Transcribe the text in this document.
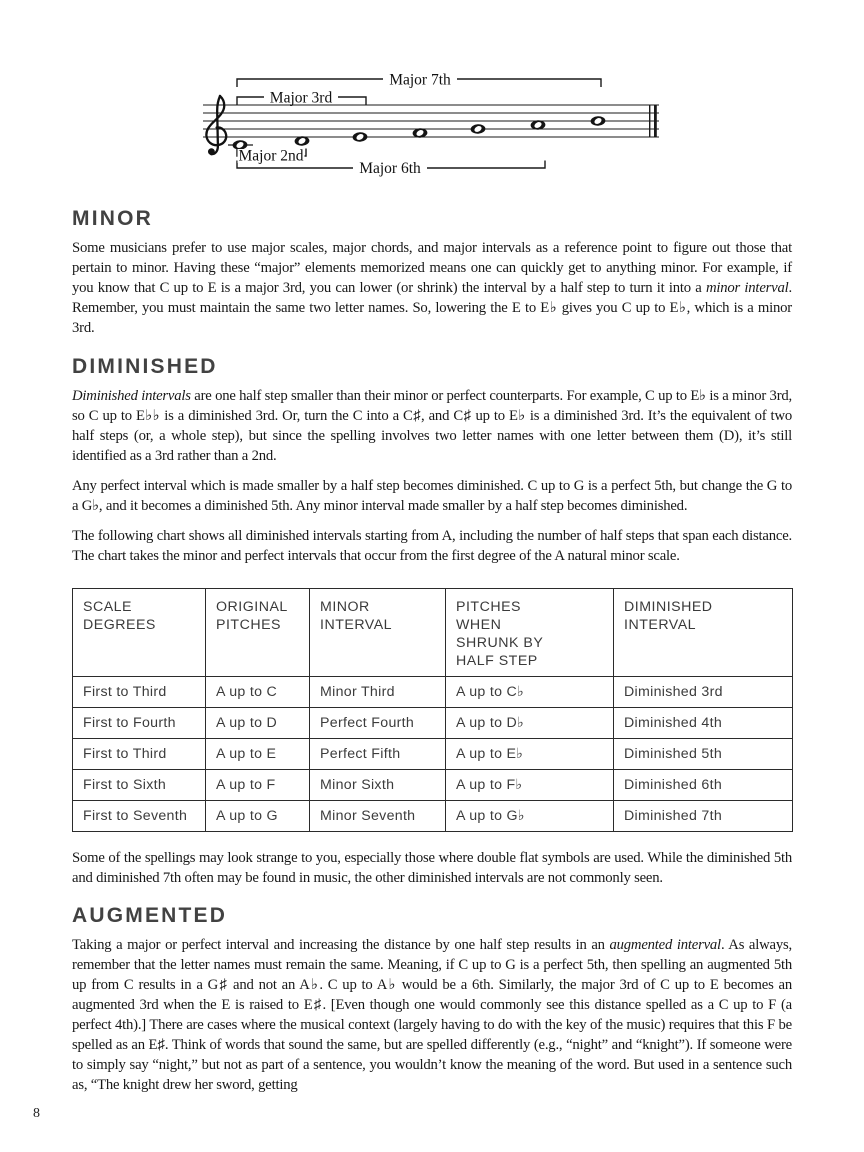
Major 7th
Major 3rd
Major 2nd
Major 6th
MINOR

Some musicians prefer to use major scales, major chords, and major intervals as a reference point to figure out those that pertain to minor. Having these “major” elements memorized means one can quickly get to anything minor. For example, if you know that C up to E is a major 3rd, you can lower (or shrink) the interval by a half step to turn it into a minor interval. Remember, you must maintain the same two letter names. So, lowering the E to E♭ gives you C up to E♭, which is a minor 3rd.

DIMINISHED

Diminished intervals are one half step smaller than their minor or perfect counterparts. For example, C up to E♭ is a minor 3rd, so C up to E♭♭ is a diminished 3rd. Or, turn the C into a C♯, and C♯ up to E♭ is a diminished 3rd. It’s the equivalent of two half steps (or, a whole step), but since the spelling involves two letter names with one letter between them (D), it’s still identified as a 3rd rather than a 2nd.

Any perfect interval which is made smaller by a half step becomes diminished. C up to G is a perfect 5th, but change the G to a G♭, and it becomes a diminished 5th. Any minor interval made smaller by a half step becomes diminished.

The following chart shows all diminished intervals starting from A, including the number of half steps that span each distance. The chart takes the minor and perfect intervals that occur from the first degree of the A natural minor scale.

SCALE DEGREES	ORIGINAL PITCHES	MINOR INTERVAL	PITCHES WHEN SHRUNK BY HALF STEP	DIMINISHED INTERVAL
First to Third	A up to C	Minor Third	A up to C♭	Diminished 3rd
First to Fourth	A up to D	Perfect Fourth	A up to D♭	Diminished 4th
First to Third	A up to E	Perfect Fifth	A up to E♭	Diminished 5th
First to Sixth	A up to F	Minor Sixth	A up to F♭	Diminished 6th
First to Seventh	A up to G	Minor Seventh	A up to G♭	Diminished 7th

Some of the spellings may look strange to you, especially those where double flat symbols are used. While the diminished 5th and diminished 7th often may be found in music, the other diminished intervals are not commonly seen.

AUGMENTED

Taking a major or perfect interval and increasing the distance by one half step results in an augmented interval. As always, remember that the letter names must remain the same. Meaning, if C up to G is a perfect 5th, then spelling an augmented 5th up from C results in a G♯ and not an A♭. C up to A♭ would be a 6th. Similarly, the major 3rd of C up to E becomes an augmented 3rd when the E is raised to E♯. [Even though one would commonly see this distance spelled as a C up to F (a perfect 4th).] There are cases where the musical context (largely having to do with the key of the music) requires that this F be spelled as an E♯. Think of words that sound the same, but are spelled differently (e.g., “night” and “knight”). If someone were to simply say “night,” but not as part of a sentence, you wouldn’t know the meaning of the word. But used in a sentence such as, “The knight drew her sword, getting

8
